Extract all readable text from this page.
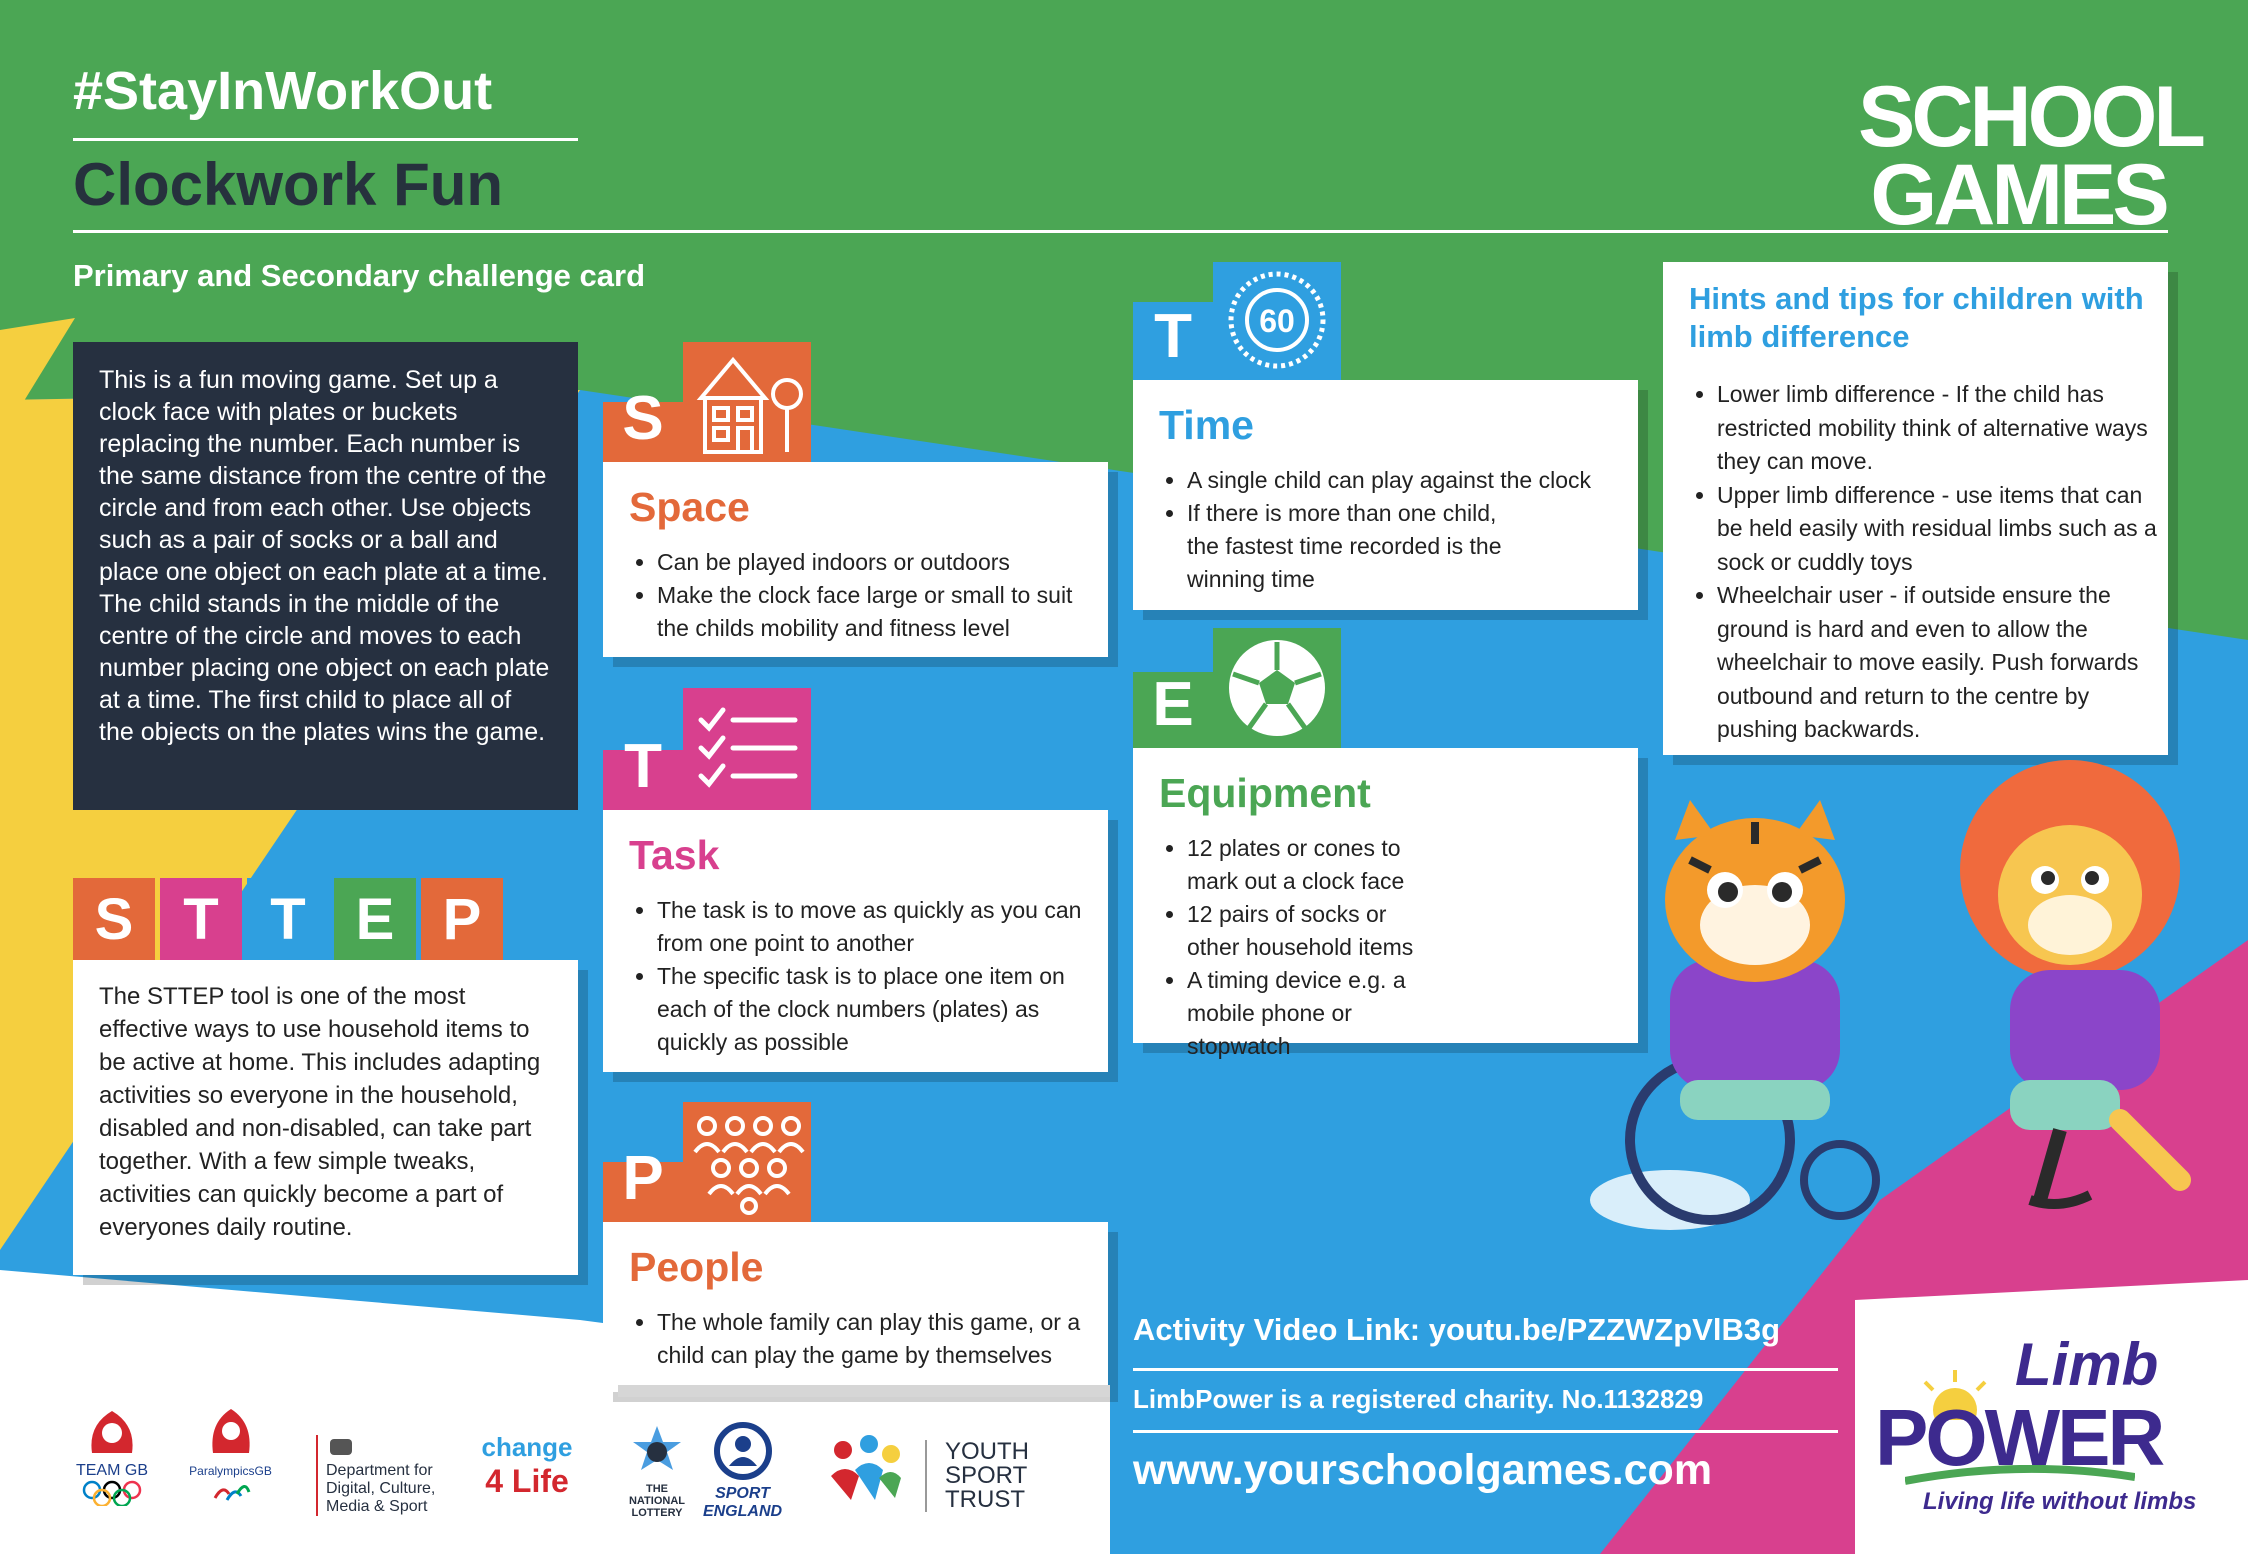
#StayInWorkOut
Clockwork Fun
Primary and Secondary challenge card
SCHOOL
GAMES
This is a fun moving game. Set up a clock face with plates or buckets replacing the number. Each number is the same distance from the centre of the circle and from each other. Use objects such as a pair of socks or a ball and place one object on each plate at a time. The child stands in the middle of the centre of the circle and moves to each number placing one object on each plate at a time. The first child to place all of the objects on the plates wins the game.
S T T E P
The STTEP tool is one of the most effective ways to use household items to be active at home. This includes adapting activities so everyone in the household, disabled and non-disabled, can take part together. With a few simple tweaks, activities can quickly become a part of everyones daily routine.
S
Space
• Can be played indoors or outdoors
• Make the clock face large or small to suit the childs mobility and fitness level
T
Task
• The task is to move as quickly as you can from one point to another
• The specific task is to place one item on each of the clock numbers (plates) as quickly as possible
P
People
• The whole family can play this game, or a child can play the game by themselves
T	60
Time
• A single child can play against the clock
• If there is more than one child, the fastest time recorded is the winning time
E
Equipment
• 12 plates or cones to mark out a clock face
• 12 pairs of socks or other household items
• A timing device e.g. a mobile phone or stopwatch
Hints and tips for children with limb difference
• Lower limb difference - If the child has restricted mobility think of alternative ways they can move.
• Upper limb difference - use items that can be held easily with residual limbs such as a sock or cuddly toys
• Wheelchair user - if outside ensure the ground is hard and even to allow the wheelchair to move easily. Push forwards outbound and return to the centre by pushing backwards.
Activity Video Link: youtu.be/PZZWZpVlB3g
LimbPower is a registered charity. No.1132829
www.yourschoolgames.com
TEAM GB	ParalympicsGB	Department for
Digital, Culture,
Media & Sport
change
4 Life	THE
NATIONAL
LOTTERY
SPORT
ENGLAND
YOUTH
SPORT
TRUST
Limb
POWER
Living life without limbs
